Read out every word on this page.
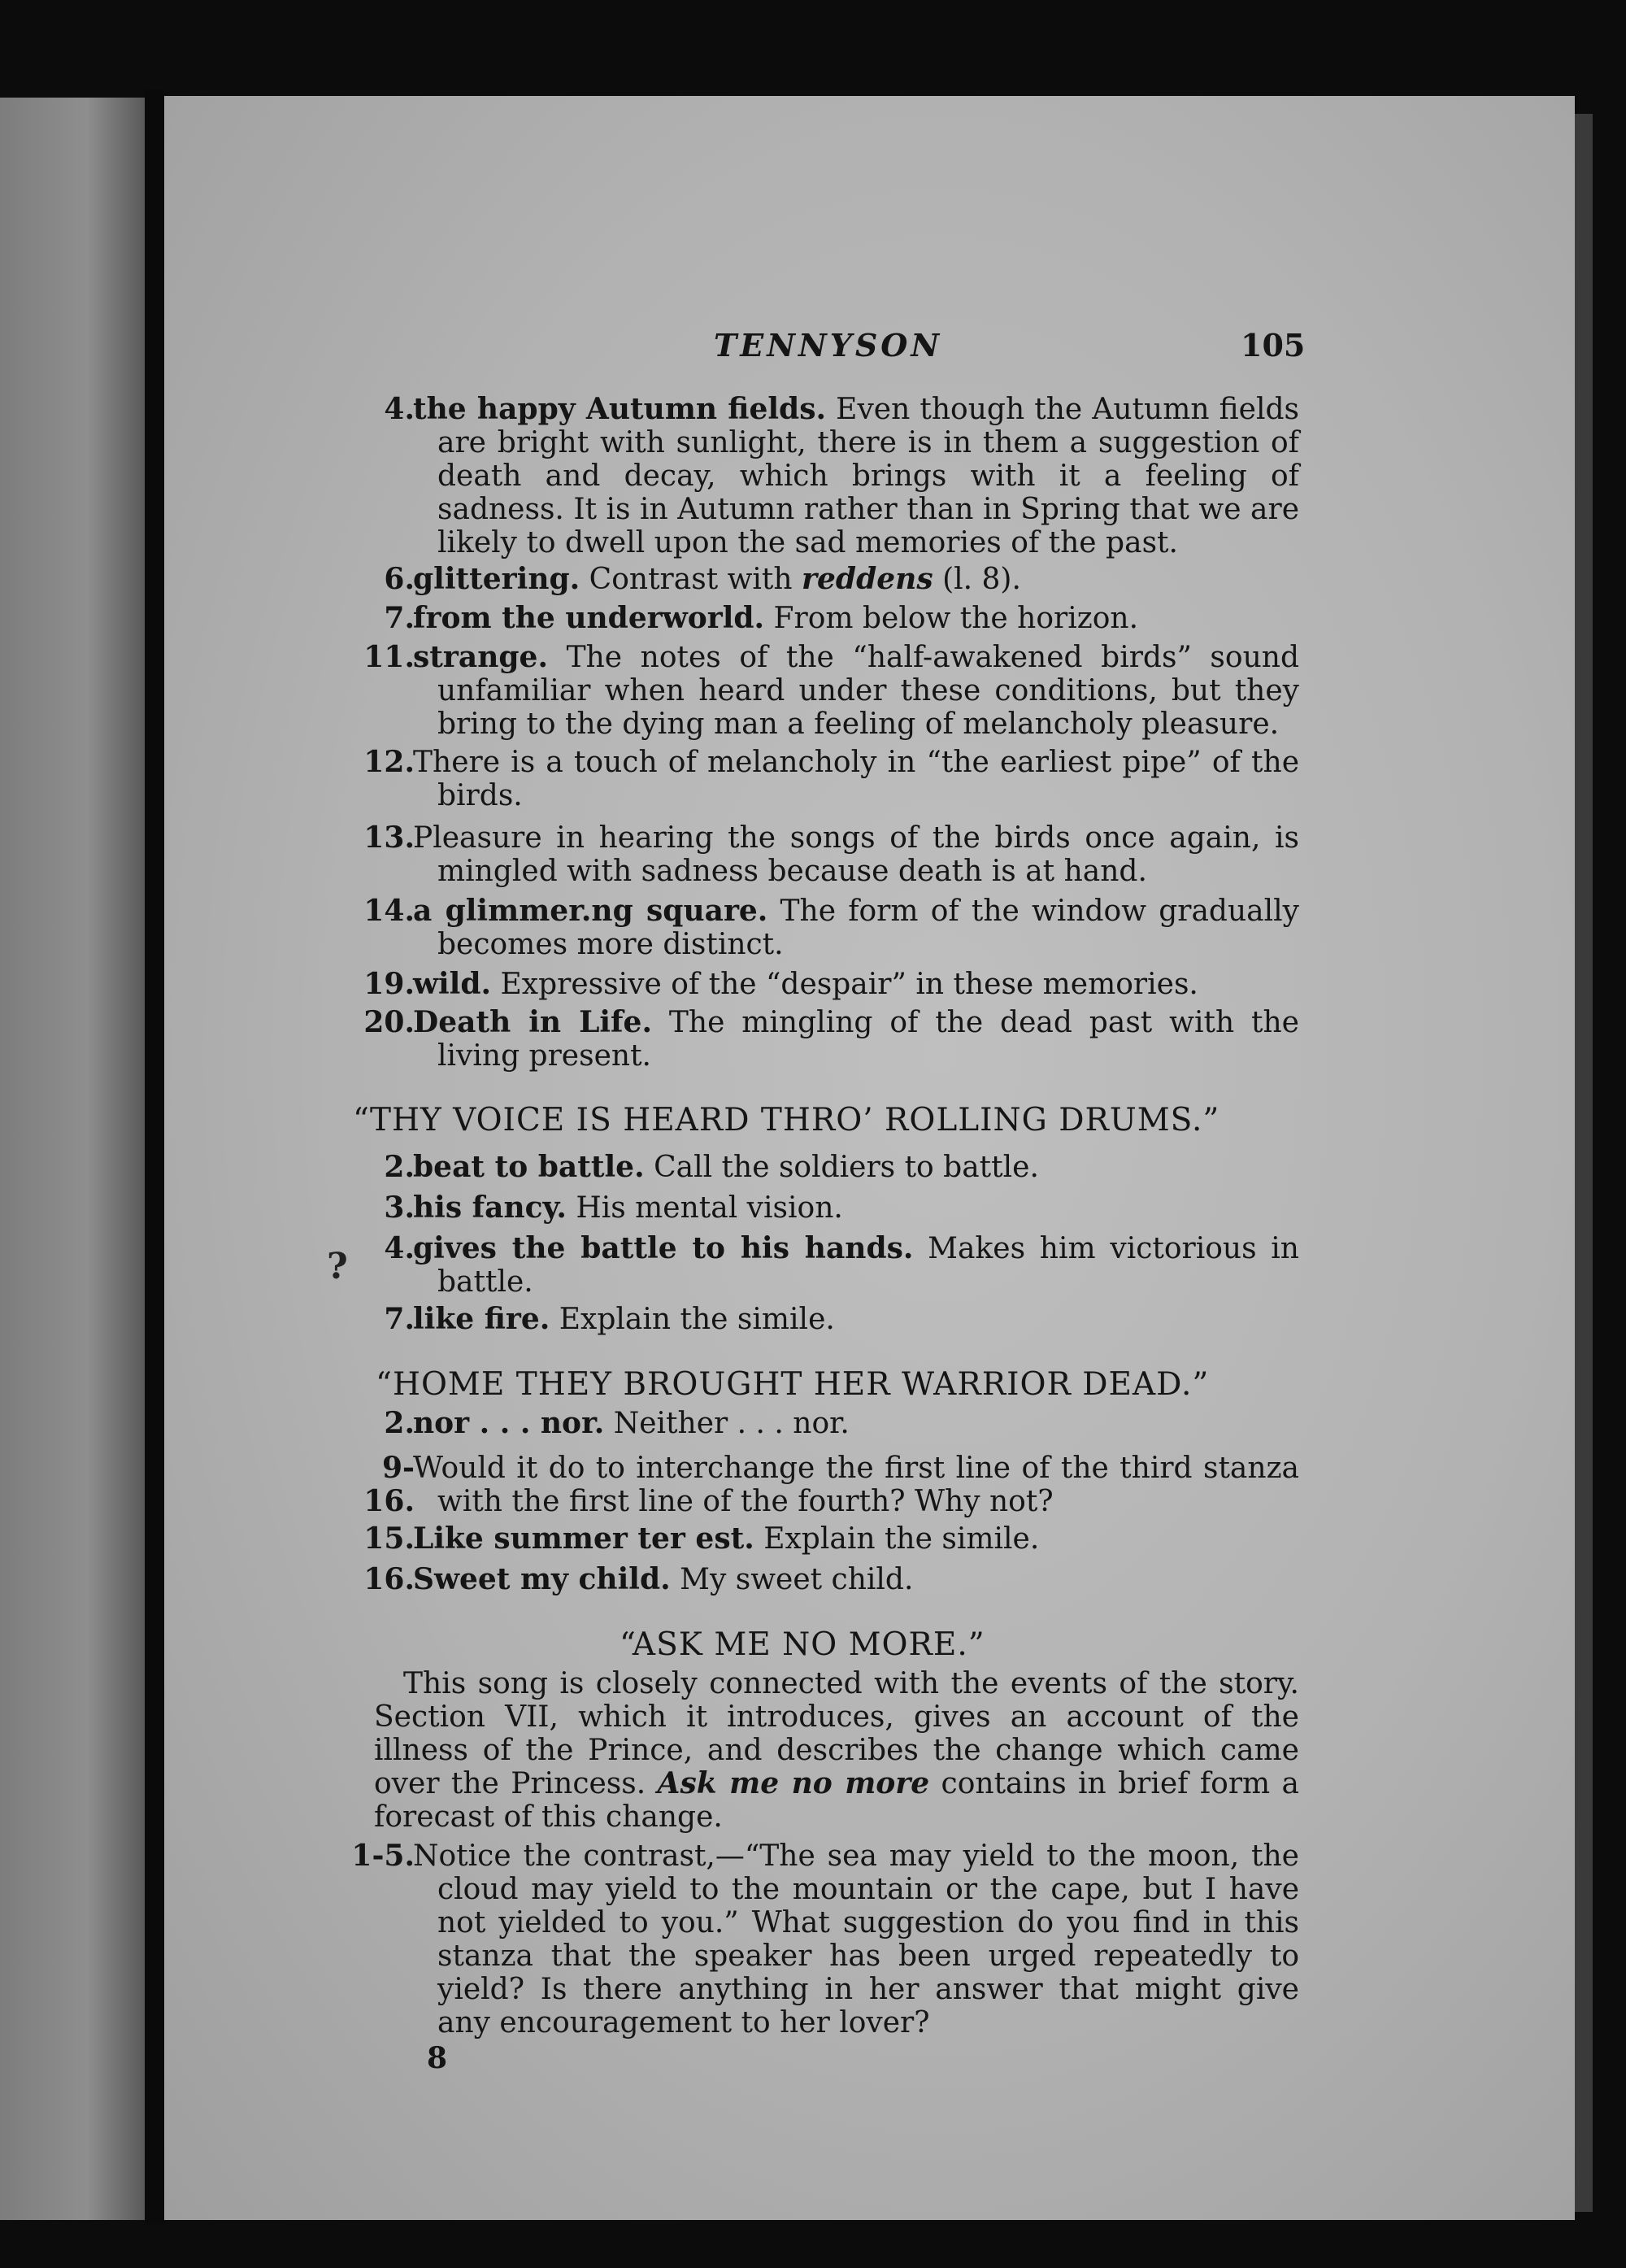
TENNYSON	105
4.
the happy Autumn fields. Even though the Autumn fields are bright with sunlight, there is in them a suggestion of death and decay, which brings with it a feeling of sadness. It is in Autumn rather than in Spring that we are likely to dwell upon the sad memories of the past.
6.
glittering. Contrast with reddens (l. 8).
7.
from the underworld. From below the horizon.
11.
strange. The notes of the “half-awakened birds” sound unfamiliar when heard under these conditions, but they bring to the dying man a feeling of melancholy pleasure.
12.
There is a touch of melancholy in “the earliest pipe” of the birds.
13.
Pleasure in hearing the songs of the birds once again, is mingled with sadness because death is at hand.
14.
a glimmer.ng square. The form of the window gradually becomes more distinct.
19.
wild. Expressive of the “despair” in these memories.
20.
Death in Life. The mingling of the dead past with the living present.
“THY VOICE IS HEARD THRO’ ROLLING DRUMS.”
2.
beat to battle. Call the soldiers to battle.
3.
his fancy. His mental vision.
4.
gives the battle to his hands. Makes him victorious in battle.
7.
like fire. Explain the simile.
“HOME THEY BROUGHT HER WARRIOR DEAD.”
2.
nor . . . nor. Neither . . . nor.
9-16.
Would it do to interchange the first line of the third stanza with the first line of the fourth? Why not?
15.
Like summer ter est. Explain the simile.
16.
Sweet my child. My sweet child.
“ASK ME NO MORE.”
This song is closely connected with the events of the story. Section VII, which it introduces, gives an account of the illness of the Prince, and describes the change which came over the Princess. Ask me no more contains in brief form a forecast of this change.
1-5.
Notice the contrast,—“The sea may yield to the moon, the cloud may yield to the mountain or the cape, but I have not yielded to you.” What suggestion do you find in this stanza that the speaker has been urged repeatedly to yield? Is there anything in her answer that might give any encouragement to her lover?
8
?
